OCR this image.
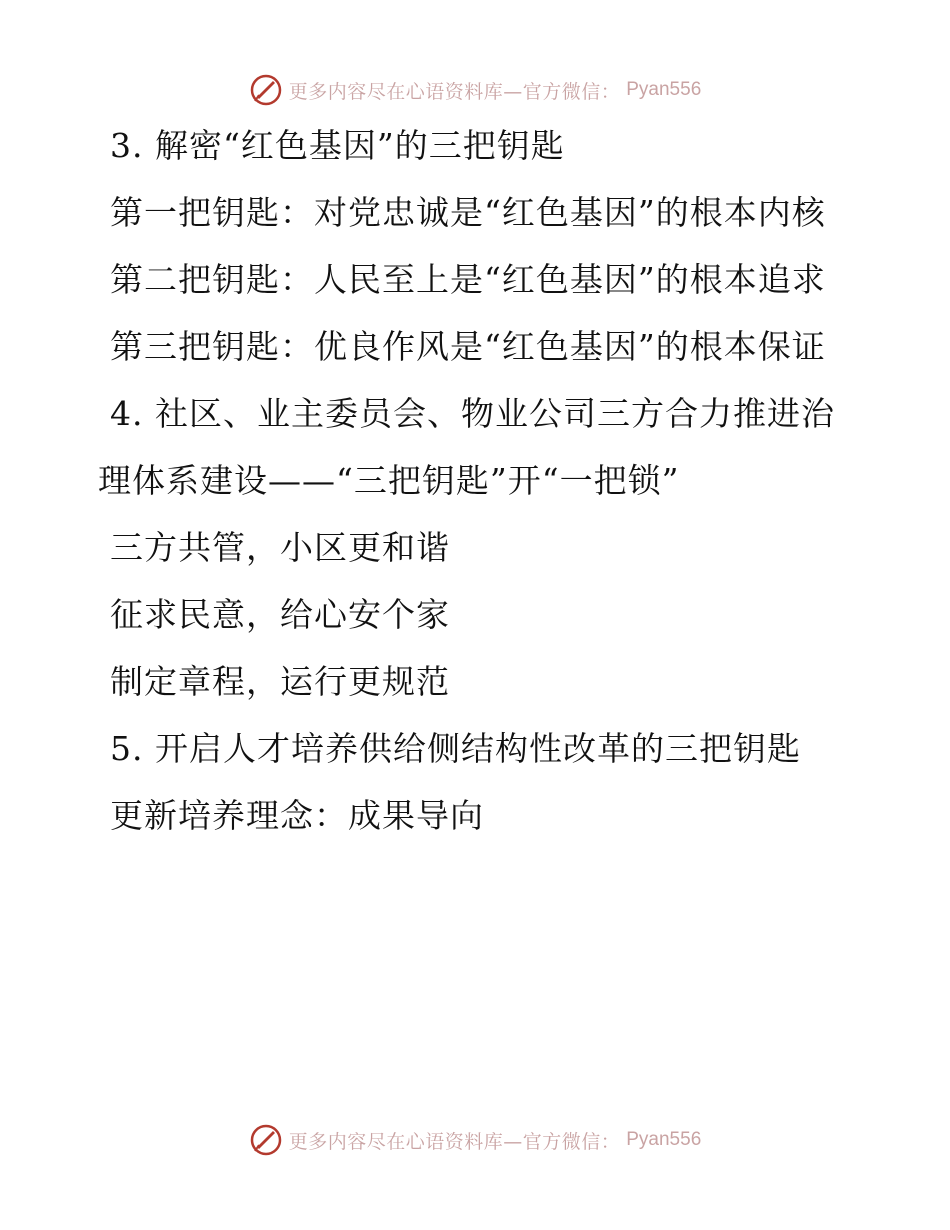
更多内容尽在心语资料库—官方微信： Pyan556

3. 解密“红色基因”的三把钥匙

第一把钥匙：对党忠诚是“红色基因”的根本内核

第二把钥匙：人民至上是“红色基因”的根本追求

第三把钥匙：优良作风是“红色基因”的根本保证

4. 社区、业主委员会、物业公司三方合力推进治理体系建设——“三把钥匙”开“一把锁”

三方共管，小区更和谐

征求民意，给心安个家

制定章程，运行更规范

5. 开启人才培养供给侧结构性改革的三把钥匙

更新培养理念：成果导向

更多内容尽在心语资料库—官方微信： Pyan556
